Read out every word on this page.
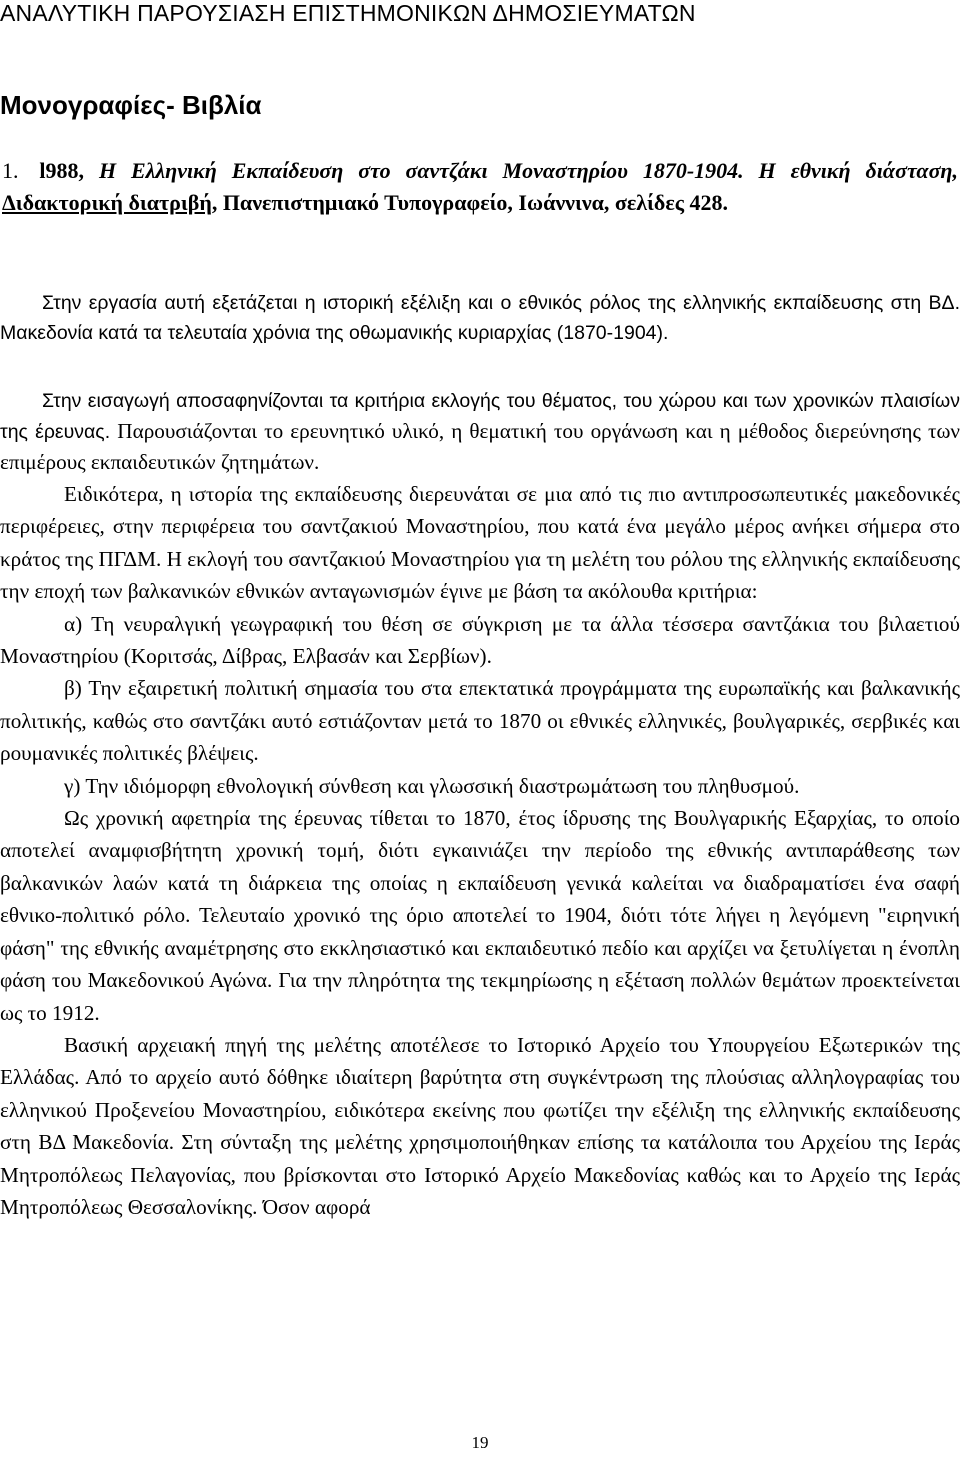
ΑΝΑΛΥΤΙΚΗ ΠΑΡΟΥΣΙΑΣΗ ΕΠΙΣΤΗΜΟΝΙΚΩΝ ΔΗΜΟΣΙΕΥΜΑΤΩΝ
Μονογραφίες- Βιβλία
1. l988, Η Ελληνική Εκπαίδευση στο σαντζάκι Μοναστηρίου 1870-1904. Η εθνική διάσταση, Διδακτορική διατριβή, Πανεπιστημιακό Τυπογραφείο, Ιωάννινα, σελίδες 428.
Στην εργασία αυτή εξετάζεται η ιστορική εξέλιξη και ο εθνικός ρόλος της ελληνικής εκπαίδευσης στη ΒΔ. Μακεδονία κατά τα τελευταία χρόνια της οθωμανικής κυριαρχίας (1870-1904).
Στην εισαγωγή αποσαφηνίζονται τα κριτήρια εκλογής του θέματος, του χώρου και των χρονικών πλαισίων της έρευνας. Παρουσιάζονται το ερευνητικό υλικό, η θεματική του οργάνωση και η μέθοδος διερεύνησης των επιμέρους εκπαιδευτικών ζητημάτων.

Ειδικότερα, η ιστορία της εκπαίδευσης διερευνάται σε μια από τις πιο αντιπροσωπευτικές μακεδονικές περιφέρειες, στην περιφέρεια του σαντζακιού Μοναστηρίου, που κατά ένα μεγάλο μέρος ανήκει σήμερα στο κράτος της ΠΓΔΜ. Η εκλογή του σαντζακιού Μοναστηρίου για τη μελέτη του ρόλου της ελληνικής εκπαίδευσης την εποχή των βαλκανικών εθνικών ανταγωνισμών έγινε με βάση τα ακόλουθα κριτήρια:

α) Τη νευραλγική γεωγραφική του θέση σε σύγκριση με τα άλλα τέσσερα σαντζάκια του βιλαετιού Μοναστηρίου (Κοριτσάς, Δίβρας, Ελβασάν και Σερβίων).

β) Την εξαιρετική πολιτική σημασία του στα επεκτατικά προγράμματα της ευρωπαϊκής και βαλκανικής πολιτικής, καθώς στο σαντζάκι αυτό εστιάζονταν μετά το 1870 οι εθνικές ελληνικές, βουλγαρικές, σερβικές και ρουμανικές πολιτικές βλέψεις.

γ) Την ιδιόμορφη εθνολογική σύνθεση και γλωσσική διαστρωμάτωση του πληθυσμού.

Ως χρονική αφετηρία της έρευνας τίθεται το 1870, έτος ίδρυσης της Βουλγαρικής Εξαρχίας, το οποίο αποτελεί αναμφισβήτητη χρονική τομή, διότι εγκαινιάζει την περίοδο της εθνικής αντιπαράθεσης των βαλκανικών λαών κατά τη διάρκεια της οποίας η εκπαίδευση γενικά καλείται να διαδραματίσει ένα σαφή εθνικο-πολιτικό ρόλο. Τελευταίο χρονικό της όριο αποτελεί το 1904, διότι τότε λήγει η λεγόμενη "ειρηνική φάση" της εθνικής αναμέτρησης στο εκκλησιαστικό και εκπαιδευτικό πεδίο και αρχίζει να ξετυλίγεται η ένοπλη φάση του Μακεδονικού Αγώνα. Για την πληρότητα της τεκμηρίωσης η εξέταση πολλών θεμάτων προεκτείνεται ως το 1912.

Βασική αρχειακή πηγή της μελέτης αποτέλεσε το Ιστορικό Αρχείο του Υπουργείου Εξωτερικών της Ελλάδας. Από το αρχείο αυτό δόθηκε ιδιαίτερη βαρύτητα στη συγκέντρωση της πλούσιας αλληλογραφίας του ελληνικού Προξενείου Μοναστηρίου, ειδικότερα εκείνης που φωτίζει την εξέλιξη της ελληνικής εκπαίδευσης στη ΒΔ Μακεδονία. Στη σύνταξη της μελέτης χρησιμοποιήθηκαν επίσης τα κατάλοιπα του Αρχείου της Ιεράς Μητροπόλεως Πελαγονίας, που βρίσκονται στο Ιστορικό Αρχείο Μακεδονίας καθώς και το Αρχείο της Ιεράς Μητροπόλεως Θεσσαλονίκης. Όσον αφορά

19
